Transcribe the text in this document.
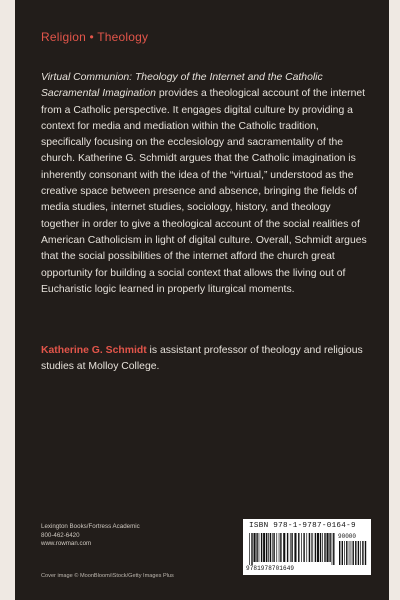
Religion • Theology

Virtual Communion: Theology of the Internet and the Catholic Sacramental Imagination provides a theological account of the internet from a Catholic perspective. It engages digital culture by providing a context for media and mediation within the Catholic tradition, specifically focusing on the ecclesiology and sacramentality of the church. Katherine G. Schmidt argues that the Catholic imagination is inherently consonant with the idea of the “virtual,” understood as the creative space between presence and absence, bringing the fields of media studies, internet studies, sociology, history, and theology together in order to give a theological account of the social realities of American Catholicism in light of digital culture. Overall, Schmidt argues that the social possibilities of the internet afford the church great opportunity for building a social context that allows the living out of Eucharistic logic learned in properly liturgical moments.

Katherine G. Schmidt is assistant professor of theology and religious studies at Molloy College.

Lexington Books/Fortress Academic
800-462-6420
www.rowman.com
Cover image © MoonBloom/iStock/Getty Images Plus
ISBN 978-1-9787-0164-9
9781978701649
90000
